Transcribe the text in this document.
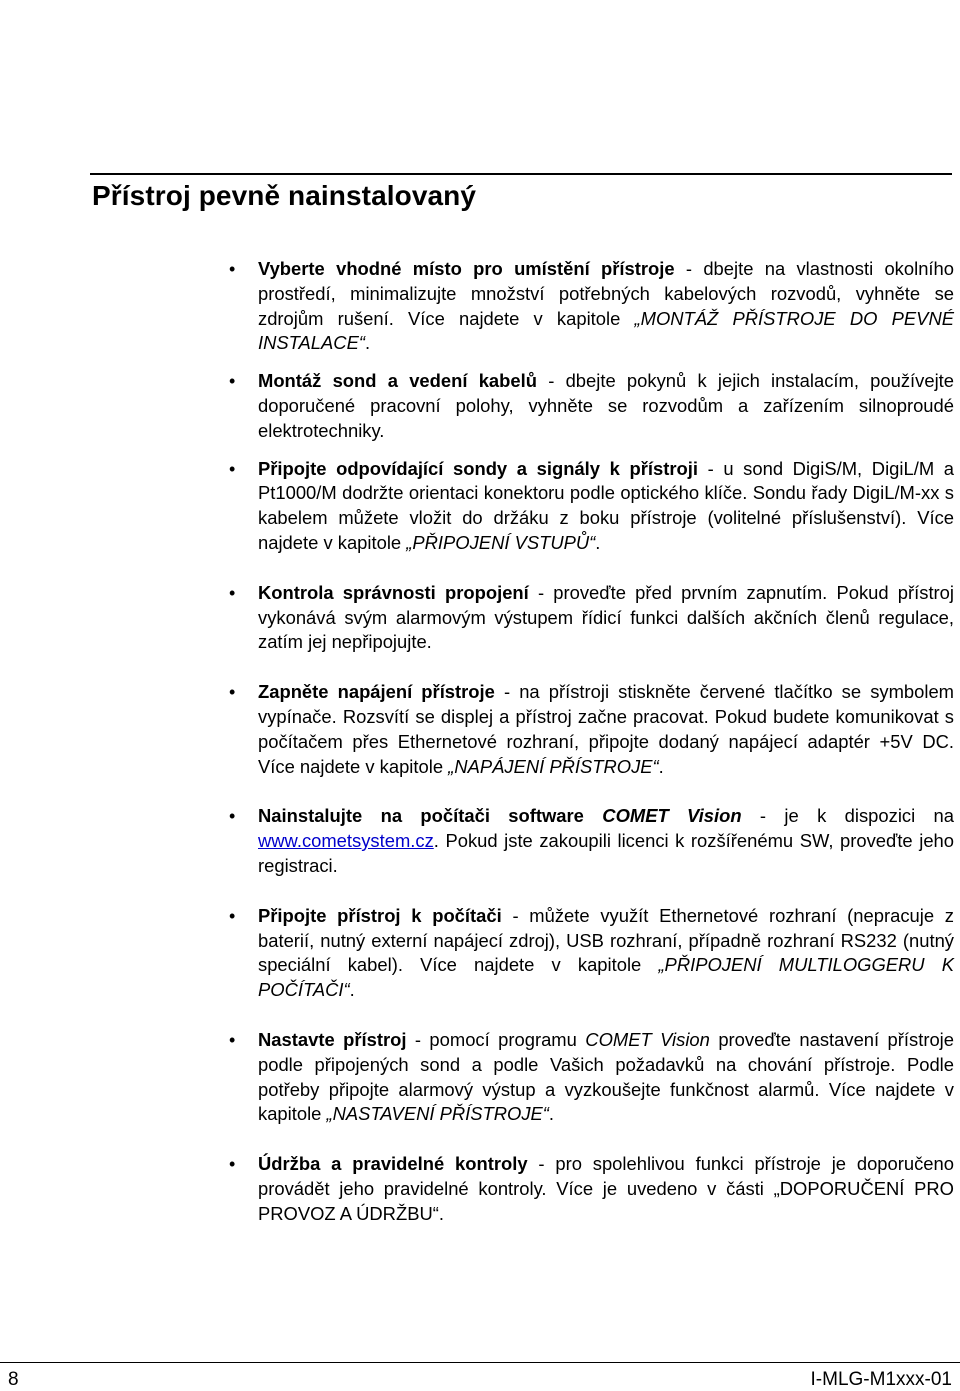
Přístroj pevně nainstalovaný
• Vyberte vhodné místo pro umístění přístroje - dbejte na vlastnosti okolního prostředí, minimalizujte množství potřebných kabelových rozvodů, vyhněte se zdrojům rušení. Více najdete v kapitole „MONTÁŽ PŘÍSTROJE DO PEVNÉ INSTALACE“.
• Montáž sond a vedení kabelů - dbejte pokynů k jejich instalacím, používejte doporučené pracovní polohy, vyhněte se rozvodům a zařízením silnoproudé elektrotechniky.
• Připojte odpovídající sondy a signály k přístroji - u sond DigiS/M, DigiL/M a Pt1000/M dodržte orientaci konektoru podle optického klíče. Sondu řady DigiL/M-xx s kabelem můžete vložit do držáku z boku přístroje (volitelné příslušenství). Více najdete v kapitole „PŘIPOJENÍ VSTUPŮ“.
• Kontrola správnosti propojení - proveďte před prvním zapnutím. Pokud přístroj vykonává svým alarmovým výstupem řídicí funkci dalších akčních členů regulace, zatím jej nepřipojujte.
• Zapněte napájení přístroje - na přístroji stiskněte červené tlačítko se symbolem vypínače. Rozsvítí se displej a přístroj začne pracovat. Pokud budete komunikovat s počítačem přes Ethernetové rozhraní, připojte dodaný napájecí adaptér +5V DC. Více najdete v kapitole „NAPÁJENÍ PŘÍSTROJE“.
• Nainstalujte na počítači software COMET Vision - je k dispozici na www.cometsystem.cz. Pokud jste zakoupili licenci k rozšířenému SW, proveďte jeho registraci.
• Připojte přístroj k počítači - můžete využít Ethernetové rozhraní (nepracuje z baterií, nutný externí napájecí zdroj), USB rozhraní, případně rozhraní RS232 (nutný speciální kabel). Více najdete v kapitole „PŘIPOJENÍ MULTILOGGERU K POČÍTAČI“.
• Nastavte přístroj - pomocí programu COMET Vision proveďte nastavení přístroje podle připojených sond a podle Vašich požadavků na chování přístroje. Podle potřeby připojte alarmový výstup a vyzkoušejte funkčnost alarmů. Více najdete v kapitole „NASTAVENÍ PŘÍSTROJE“.
• Údržba a pravidelné kontroly - pro spolehlivou funkci přístroje je doporučeno provádět jeho pravidelné kontroly. Více je uvedeno v části „DOPORUČENÍ PRO PROVOZ A ÚDRŽBU“.
8	I-MLG-M1xxx-01
